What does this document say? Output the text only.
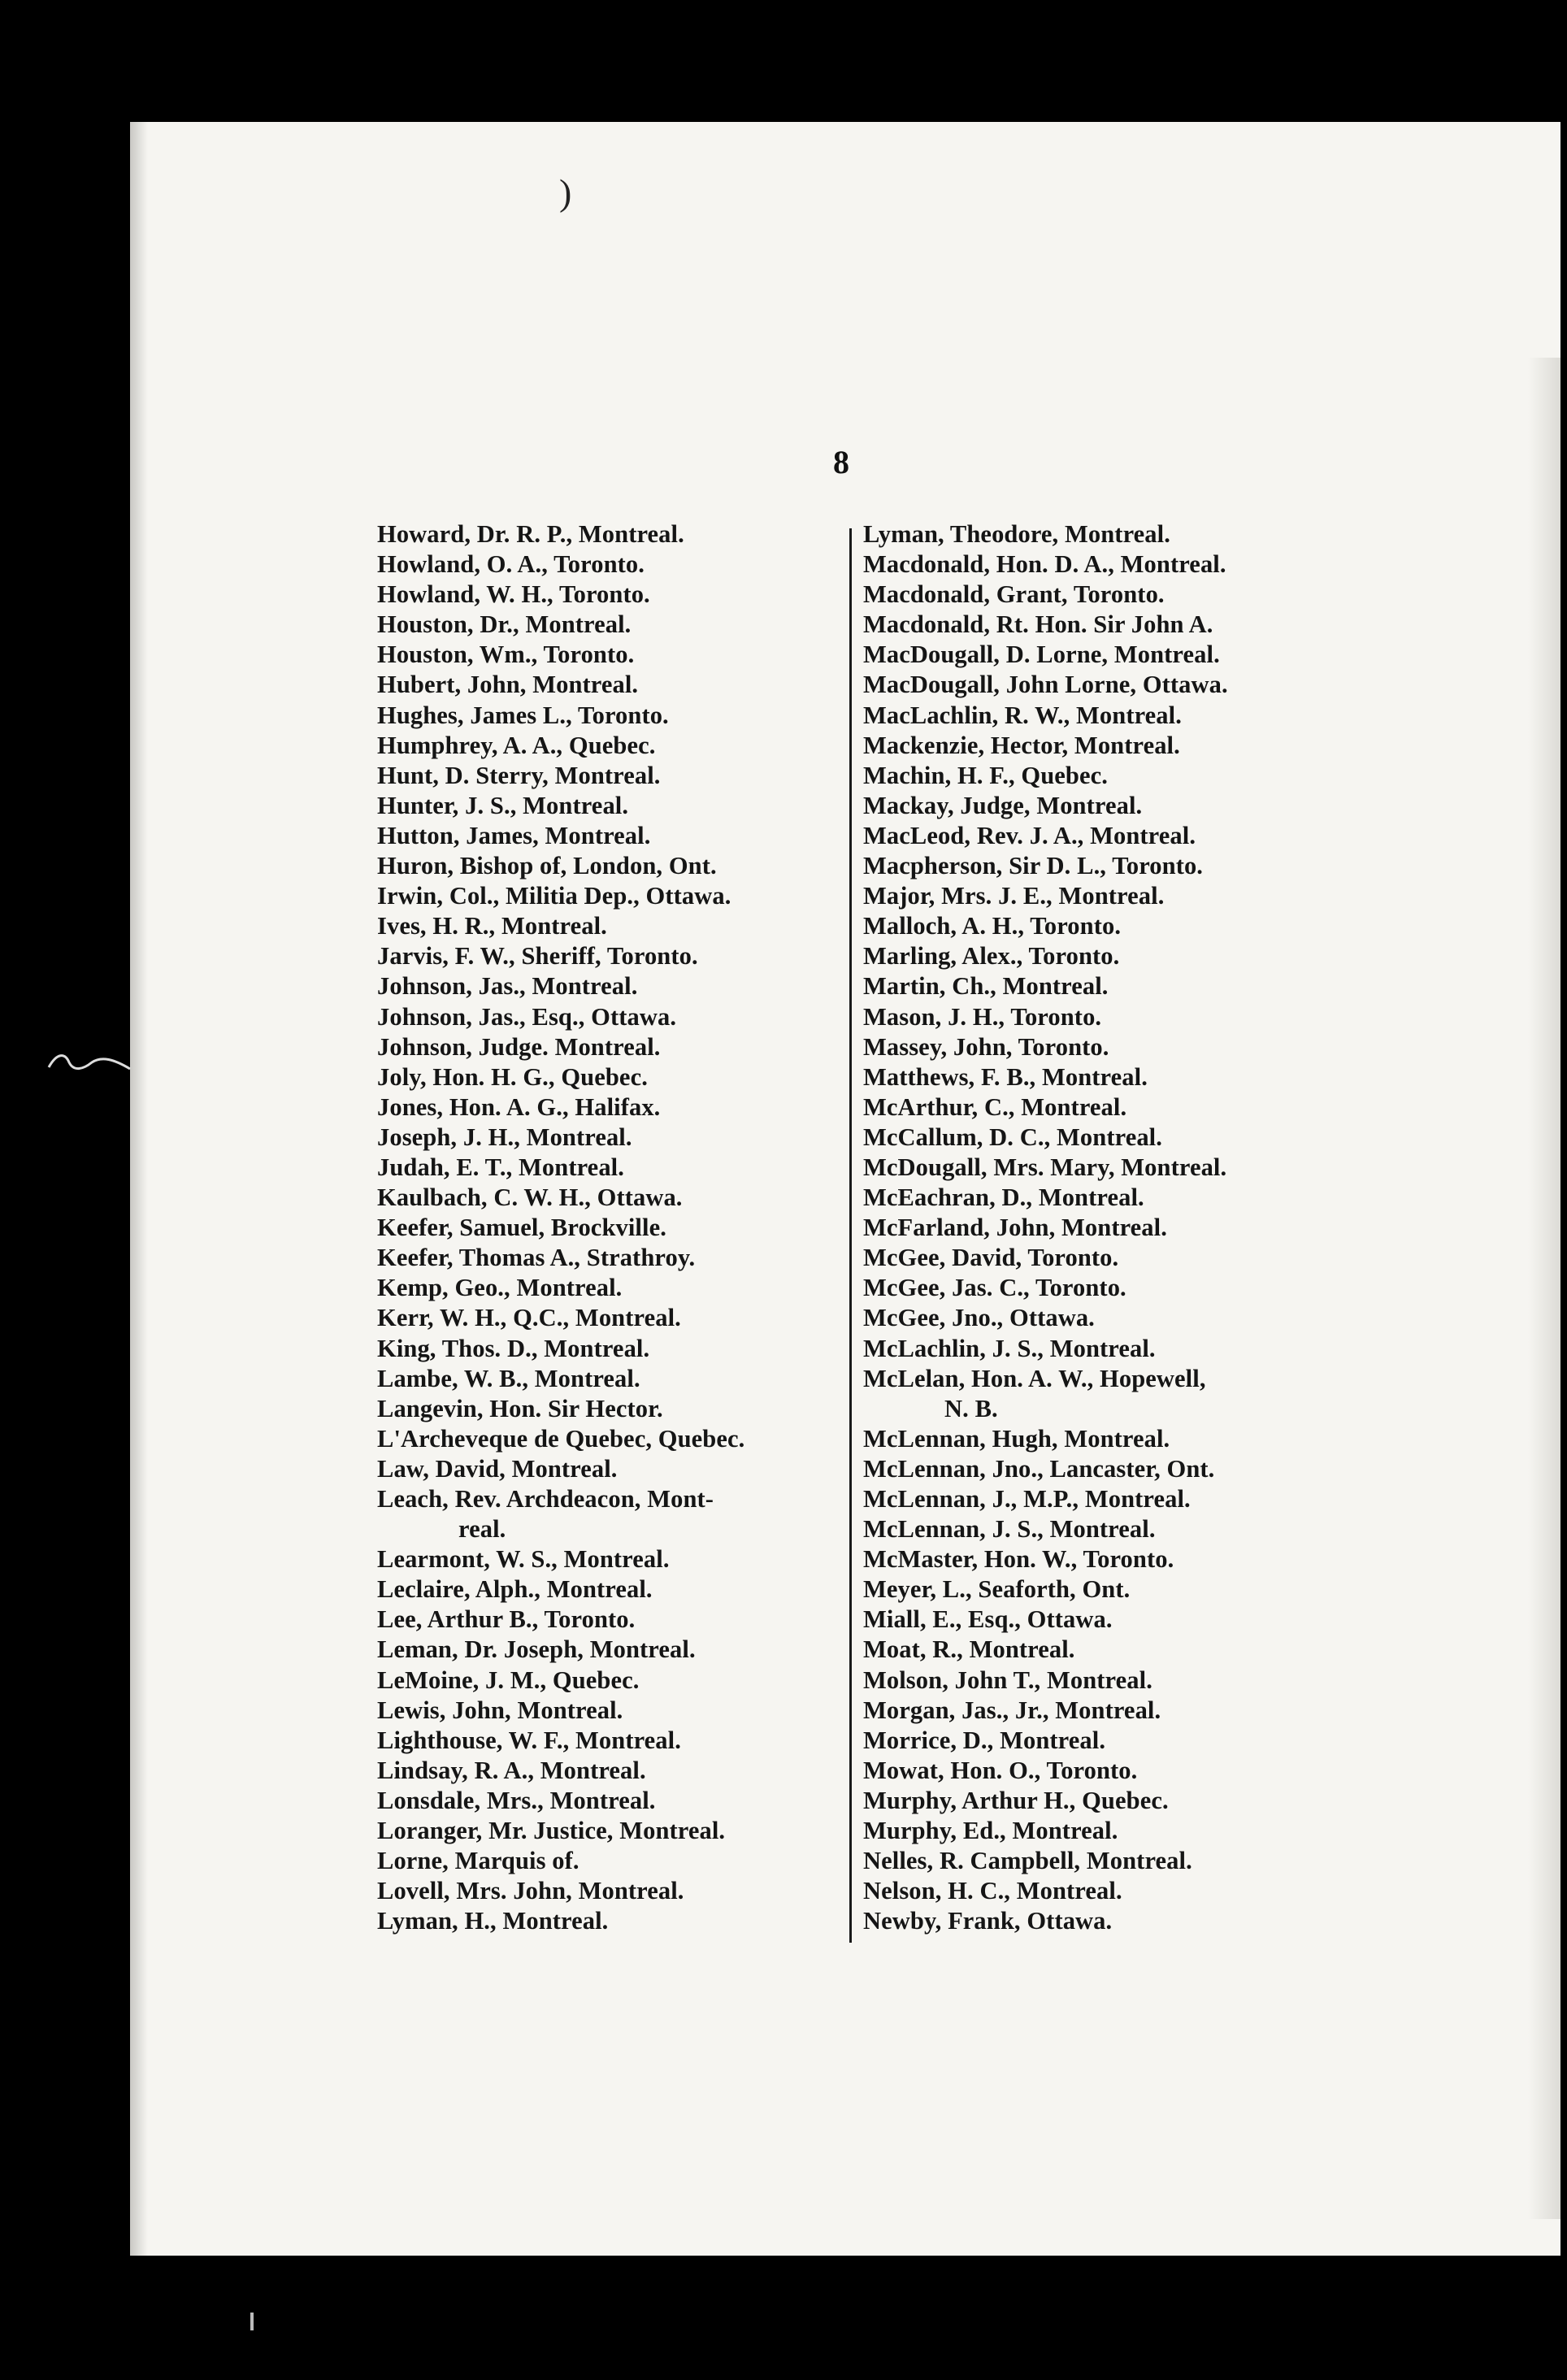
)
8
Howard, Dr. R. P., Montreal.
Howland, O. A., Toronto.
Howland, W. H., Toronto.
Houston, Dr., Montreal.
Houston, Wm., Toronto.
Hubert, John, Montreal.
Hughes, James L., Toronto.
Humphrey, A. A., Quebec.
Hunt, D. Sterry, Montreal.
Hunter, J. S., Montreal.
Hutton, James, Montreal.
Huron, Bishop of, London, Ont.
Irwin, Col., Militia Dep., Ottawa.
Ives, H. R., Montreal.
Jarvis, F. W., Sheriff, Toronto.
Johnson, Jas., Montreal.
Johnson, Jas., Esq., Ottawa.
Johnson, Judge. Montreal.
Joly, Hon. H. G., Quebec.
Jones, Hon. A. G., Halifax.
Joseph, J. H., Montreal.
Judah, E. T., Montreal.
Kaulbach, C. W. H., Ottawa.
Keefer, Samuel, Brockville.
Keefer, Thomas A., Strathroy.
Kemp, Geo., Montreal.
Kerr, W. H., Q.C., Montreal.
King, Thos. D., Montreal.
Lambe, W. B., Montreal.
Langevin, Hon. Sir Hector.
L'Archeveque de Quebec, Quebec.
Law, David, Montreal.
Leach, Rev. Archdeacon, Mont-
real.
Learmont, W. S., Montreal.
Leclaire, Alph., Montreal.
Lee, Arthur B., Toronto.
Leman, Dr. Joseph, Montreal.
LeMoine, J. M., Quebec.
Lewis, John, Montreal.
Lighthouse, W. F., Montreal.
Lindsay, R. A., Montreal.
Lonsdale, Mrs., Montreal.
Loranger, Mr. Justice, Montreal.
Lorne, Marquis of.
Lovell, Mrs. John, Montreal.
Lyman, H., Montreal.
Lyman, Theodore, Montreal.
Macdonald, Hon. D. A., Montreal.
Macdonald, Grant, Toronto.
Macdonald, Rt. Hon. Sir John A.
MacDougall, D. Lorne, Montreal.
MacDougall, John Lorne, Ottawa.
MacLachlin, R. W., Montreal.
Mackenzie, Hector, Montreal.
Machin, H. F., Quebec.
Mackay, Judge, Montreal.
MacLeod, Rev. J. A., Montreal.
Macpherson, Sir D. L., Toronto.
Major, Mrs. J. E., Montreal.
Malloch, A. H., Toronto.
Marling, Alex., Toronto.
Martin, Ch., Montreal.
Mason, J. H., Toronto.
Massey, John, Toronto.
Matthews, F. B., Montreal.
McArthur, C., Montreal.
McCallum, D. C., Montreal.
McDougall, Mrs. Mary, Montreal.
McEachran, D., Montreal.
McFarland, John, Montreal.
McGee, David, Toronto.
McGee, Jas. C., Toronto.
McGee, Jno., Ottawa.
McLachlin, J. S., Montreal.
McLelan, Hon. A. W., Hopewell,
N. B.
McLennan, Hugh, Montreal.
McLennan, Jno., Lancaster, Ont.
McLennan, J., M.P., Montreal.
McLennan, J. S., Montreal.
McMaster, Hon. W., Toronto.
Meyer, L., Seaforth, Ont.
Miall, E., Esq., Ottawa.
Moat, R., Montreal.
Molson, John T., Montreal.
Morgan, Jas., Jr., Montreal.
Morrice, D., Montreal.
Mowat, Hon. O., Toronto.
Murphy, Arthur H., Quebec.
Murphy, Ed., Montreal.
Nelles, R. Campbell, Montreal.
Nelson, H. C., Montreal.
Newby, Frank, Ottawa.
